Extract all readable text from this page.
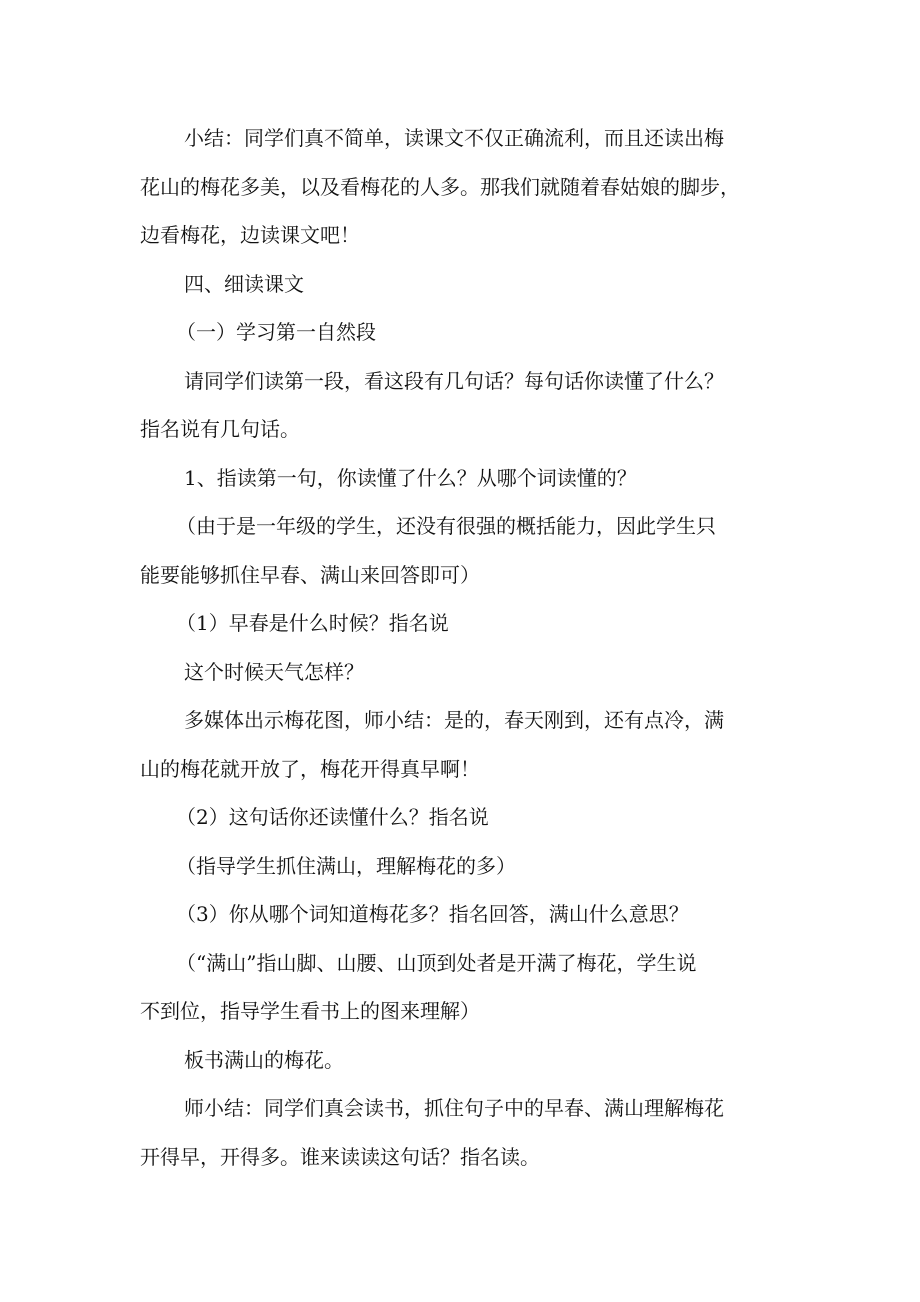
小结：同学们真不简单，读课文不仅正确流利，而且还读出梅

花山的梅花多美，以及看梅花的人多。那我们就随着春姑娘的脚步，

边看梅花，边读课文吧！

四、细读课文

（一）学习第一自然段

请同学们读第一段，看这段有几句话？每句话你读懂了什么？

指名说有几句话。

1、指读第一句，你读懂了什么？从哪个词读懂的？

（由于是一年级的学生，还没有很强的概括能力，因此学生只

能要能够抓住早春、满山来回答即可）

（1）早春是什么时候？指名说

这个时候天气怎样？

多媒体出示梅花图，师小结：是的，春天刚到，还有点冷，满

山的梅花就开放了，梅花开得真早啊！

（2）这句话你还读懂什么？指名说

（指导学生抓住满山，理解梅花的多）

（3）你从哪个词知道梅花多？指名回答，满山什么意思？

（“满山”指山脚、山腰、山顶到处者是开满了梅花，学生说

不到位，指导学生看书上的图来理解）

板书满山的梅花。

师小结：同学们真会读书，抓住句子中的早春、满山理解梅花

开得早，开得多。谁来读读这句话？指名读。
